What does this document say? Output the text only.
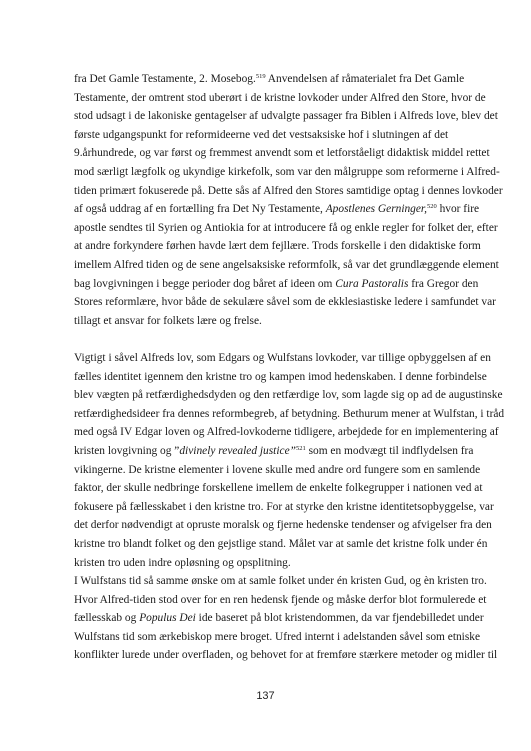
fra Det Gamle Testamente, 2. Mosebog.$^{519}$ Anvendelsen af råmaterialet fra Det Gamle
Testamente, der omtrent stod uberørt i de kristne lovkoder under Alfred den Store, hvor de
stod udsagt i de lakoniske gentagelser af udvalgte passager fra Biblen i Alfreds love, blev det
første udgangspunkt for reformideerne ved det vestsaksiske hof i slutningen af det
9.århundrede, og var først og fremmest anvendt som et letforståeligt didaktisk middel rettet
mod særligt lægfolk og ukyndige kirkefolk, som var den målgruppe som reformerne i Alfred-
tiden primært fokuserede på. Dette sås af Alfred den Stores samtidige optag i dennes lovkoder
af også uddrag af en fortælling fra Det Ny Testamente, Apostlenes Gerninger,$^{520}$ hvor fire
apostle sendtes til Syrien og Antiokia for at introducere få og enkle regler for folket der, efter
at andre forkyndere førhen havde lært dem fejllære. Trods forskelle i den didaktiske form
imellem Alfred tiden og de sene angelsaksiske reformfolk, så var det grundlæggende element
bag lovgivningen i begge perioder dog båret af ideen om Cura Pastoralis fra Gregor den
Stores reformlære, hvor både de sekulære såvel som de ekklesiastiske ledere i samfundet var
tillagt et ansvar for folkets lære og frelse.
Vigtigt i såvel Alfreds lov, som Edgars og Wulfstans lovkoder, var tillige opbyggelsen af en
fælles identitet igennem den kristne tro og kampen imod hedenskaben. I denne forbindelse
blev vægten på retfærdighedsdyden og den retfærdige lov, som lagde sig op ad de augustinske
retfærdighedsideer fra dennes reformbegreb, af betydning. Bethurum mener at Wulfstan, i tråd
med også IV Edgar loven og Alfred-lovkoderne tidligere, arbejdede for en implementering af
kristen lovgivning og ”divinely revealed justice”$^{521}$ som en modvægt til indflydelsen fra
vikingerne. De kristne elementer i lovene skulle med andre ord fungere som en samlende
faktor, der skulle nedbringe forskellene imellem de enkelte folkegrupper i nationen ved at
fokusere på fællesskabet i den kristne tro. For at styrke den kristne identitetsopbyggelse, var
det derfor nødvendigt at opruste moralsk og fjerne hedenske tendenser og afvigelser fra den
kristne tro blandt folket og den gejstlige stand. Målet var at samle det kristne folk under én
kristen tro uden indre opløsning og opsplitning.
I Wulfstans tid så samme ønske om at samle folket under én kristen Gud, og èn kristen tro.
Hvor Alfred-tiden stod over for en ren hedensk fjende og måske derfor blot formulerede et
fællesskab og Populus Dei ide baseret på blot kristendommen, da var fjendebilledet under
Wulfstans tid som ærkebiskop mere broget. Ufred internt i adelstanden såvel som etniske
konflikter lurede under overfladen, og behovet for at fremføre stærkere metoder og midler til
137
